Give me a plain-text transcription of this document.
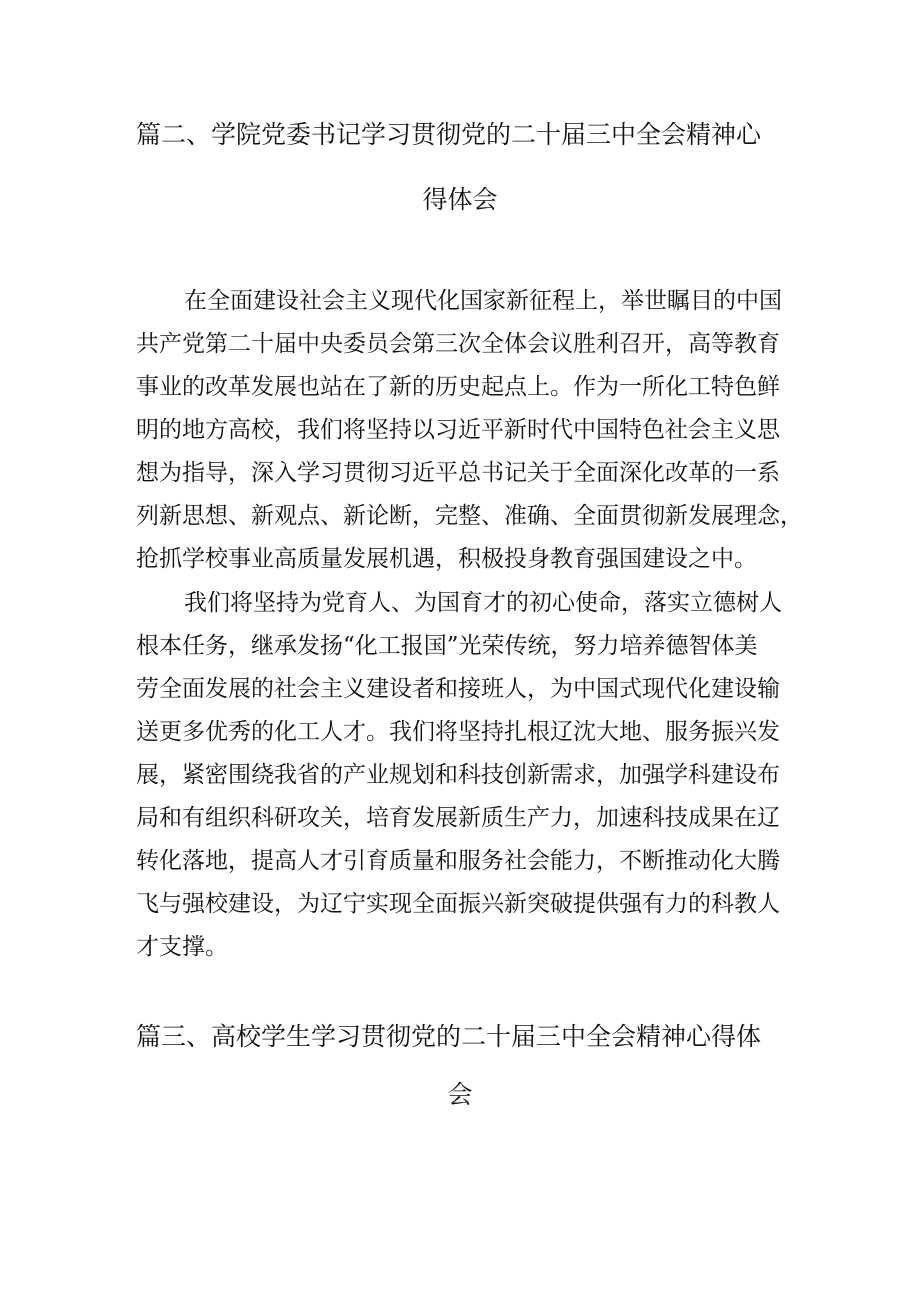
篇二、学院党委书记学习贯彻党的二十届三中全会精神心
得体会
在全面建设社会主义现代化国家新征程上，举世瞩目的中国
共产党第二十届中央委员会第三次全体会议胜利召开，高等教育
事业的改革发展也站在了新的历史起点上。作为一所化工特色鲜
明的地方高校，我们将坚持以习近平新时代中国特色社会主义思
想为指导，深入学习贯彻习近平总书记关于全面深化改革的一系
列新思想、新观点、新论断，完整、准确、全面贯彻新发展理念，
抢抓学校事业高质量发展机遇，积极投身教育强国建设之中。
我们将坚持为党育人、为国育才的初心使命，落实立德树人
根本任务，继承发扬“化工报国”光荣传统，努力培养德智体美
劳全面发展的社会主义建设者和接班人，为中国式现代化建设输
送更多优秀的化工人才。我们将坚持扎根辽沈大地、服务振兴发
展，紧密围绕我省的产业规划和科技创新需求，加强学科建设布
局和有组织科研攻关，培育发展新质生产力，加速科技成果在辽
转化落地，提高人才引育质量和服务社会能力，不断推动化大腾
飞与强校建设，为辽宁实现全面振兴新突破提供强有力的科教人
才支撑。
篇三、高校学生学习贯彻党的二十届三中全会精神心得体
会
